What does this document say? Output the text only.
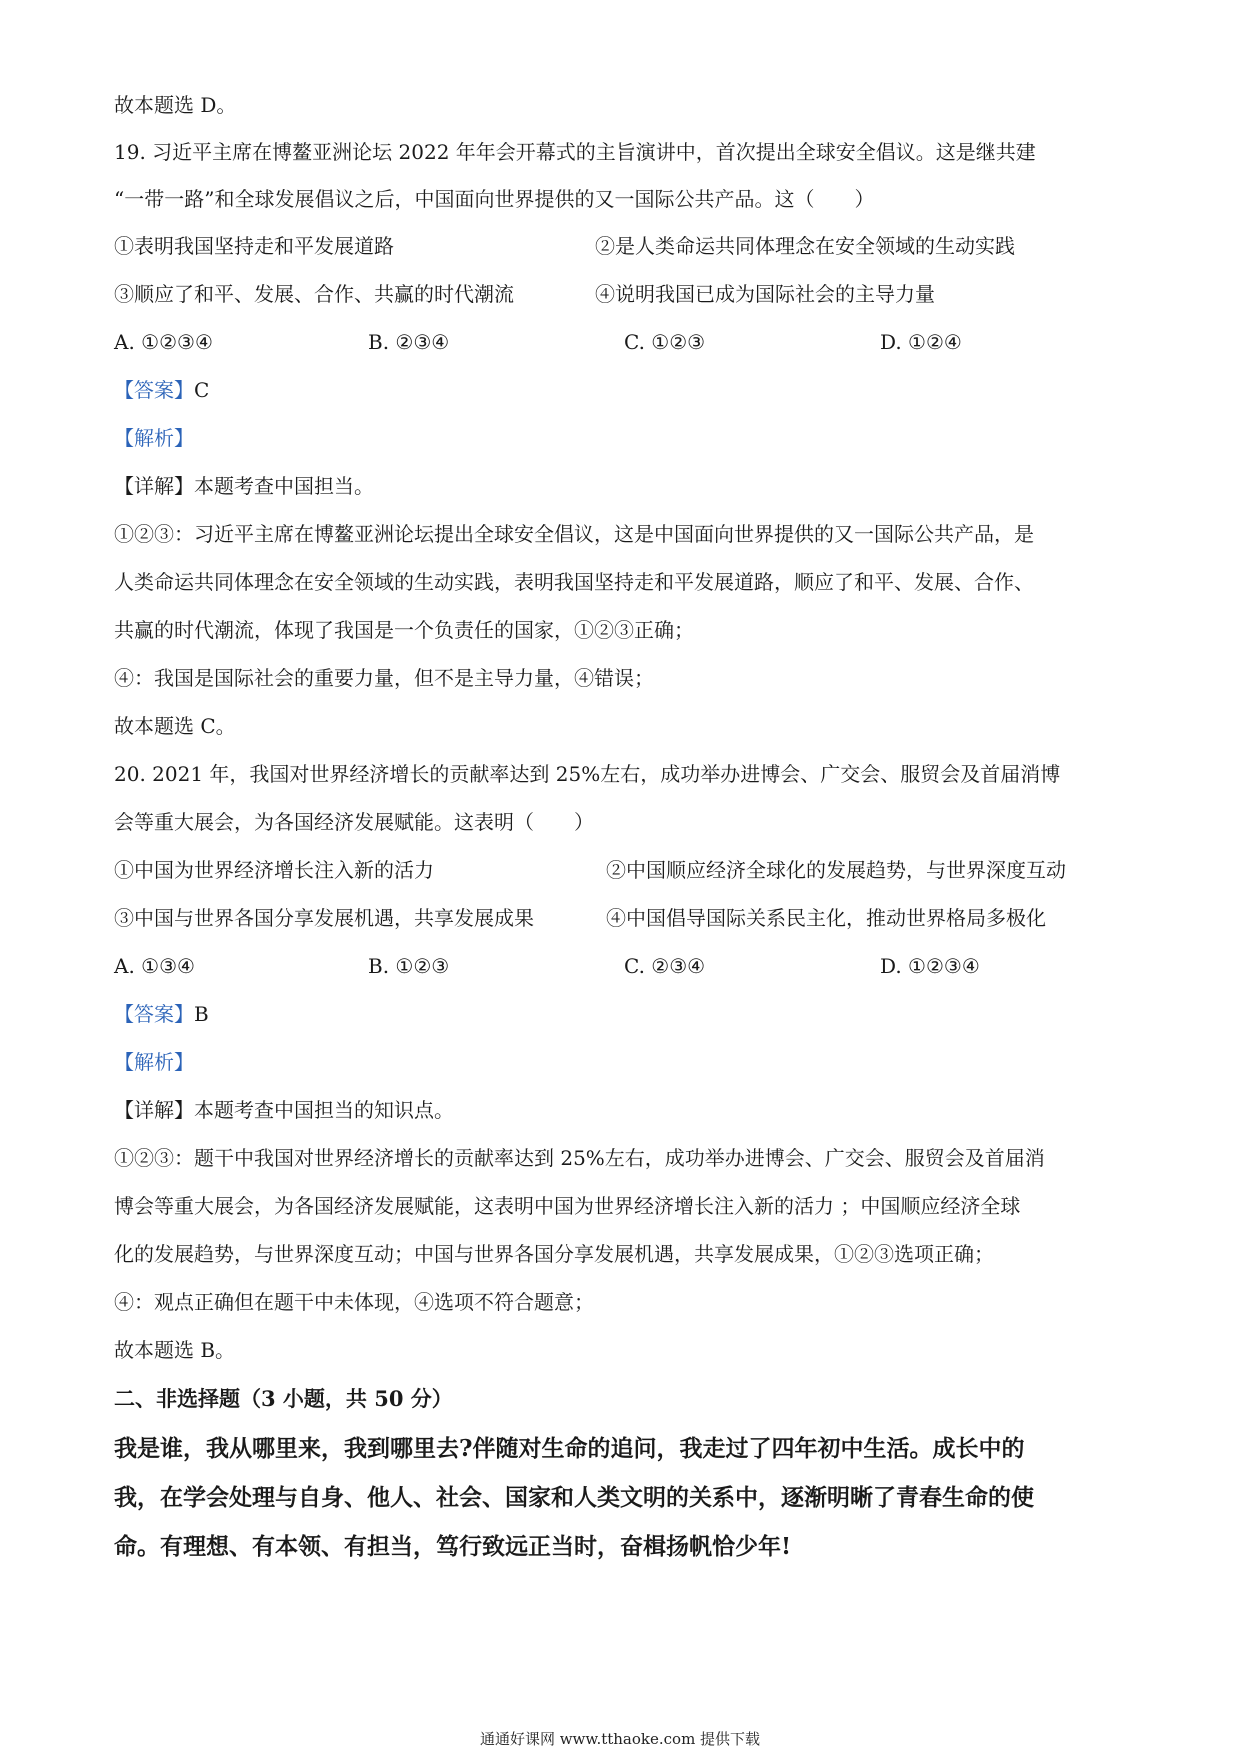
故本题选 D。
19. 习近平主席在博鳌亚洲论坛 2022 年年会开幕式的主旨演讲中，首次提出全球安全倡议。这是继共建
“一带一路”和全球发展倡议之后，中国面向世界提供的又一国际公共产品。这（　　）
①表明我国坚持走和平发展道路	②是人类命运共同体理念在安全领域的生动实践
③顺应了和平、发展、合作、共赢的时代潮流	④说明我国已成为国际社会的主导力量
A. ①②③④	B. ②③④	C. ①②③	D. ①②④
【答案】C
【解析】
【详解】本题考查中国担当。
①②③：习近平主席在博鳌亚洲论坛提出全球安全倡议，这是中国面向世界提供的又一国际公共产品，是
人类命运共同体理念在安全领域的生动实践，表明我国坚持走和平发展道路，顺应了和平、发展、合作、
共赢的时代潮流，体现了我国是一个负责任的国家，①②③正确；
④：我国是国际社会的重要力量，但不是主导力量，④错误；
故本题选 C。
20. 2021 年，我国对世界经济增长的贡献率达到 25%左右，成功举办进博会、广交会、服贸会及首届消博
会等重大展会，为各国经济发展赋能。这表明（　　）
①中国为世界经济增长注入新的活力	②中国顺应经济全球化的发展趋势，与世界深度互动
③中国与世界各国分享发展机遇，共享发展成果	④中国倡导国际关系民主化，推动世界格局多极化
A. ①③④	B. ①②③	C. ②③④	D. ①②③④
【答案】B
【解析】
【详解】本题考查中国担当的知识点。
①②③：题干中我国对世界经济增长的贡献率达到 25%左右，成功举办进博会、广交会、服贸会及首届消
博会等重大展会，为各国经济发展赋能，这表明中国为世界经济增长注入新的活力 ；中国顺应经济全球
化的发展趋势，与世界深度互动；中国与世界各国分享发展机遇，共享发展成果，①②③选项正确；
④：观点正确但在题干中未体现，④选项不符合题意；
故本题选 B。
二、非选择题（3 小题，共 50 分）
我是谁，我从哪里来，我到哪里去?伴随对生命的追问，我走过了四年初中生活。成长中的
我，在学会处理与自身、他人、社会、国家和人类文明的关系中，逐渐明晰了青春生命的使
命。有理想、有本领、有担当，笃行致远正当时，奋楫扬帆恰少年!
通通好课网 www.tthaoke.com 提供下载
